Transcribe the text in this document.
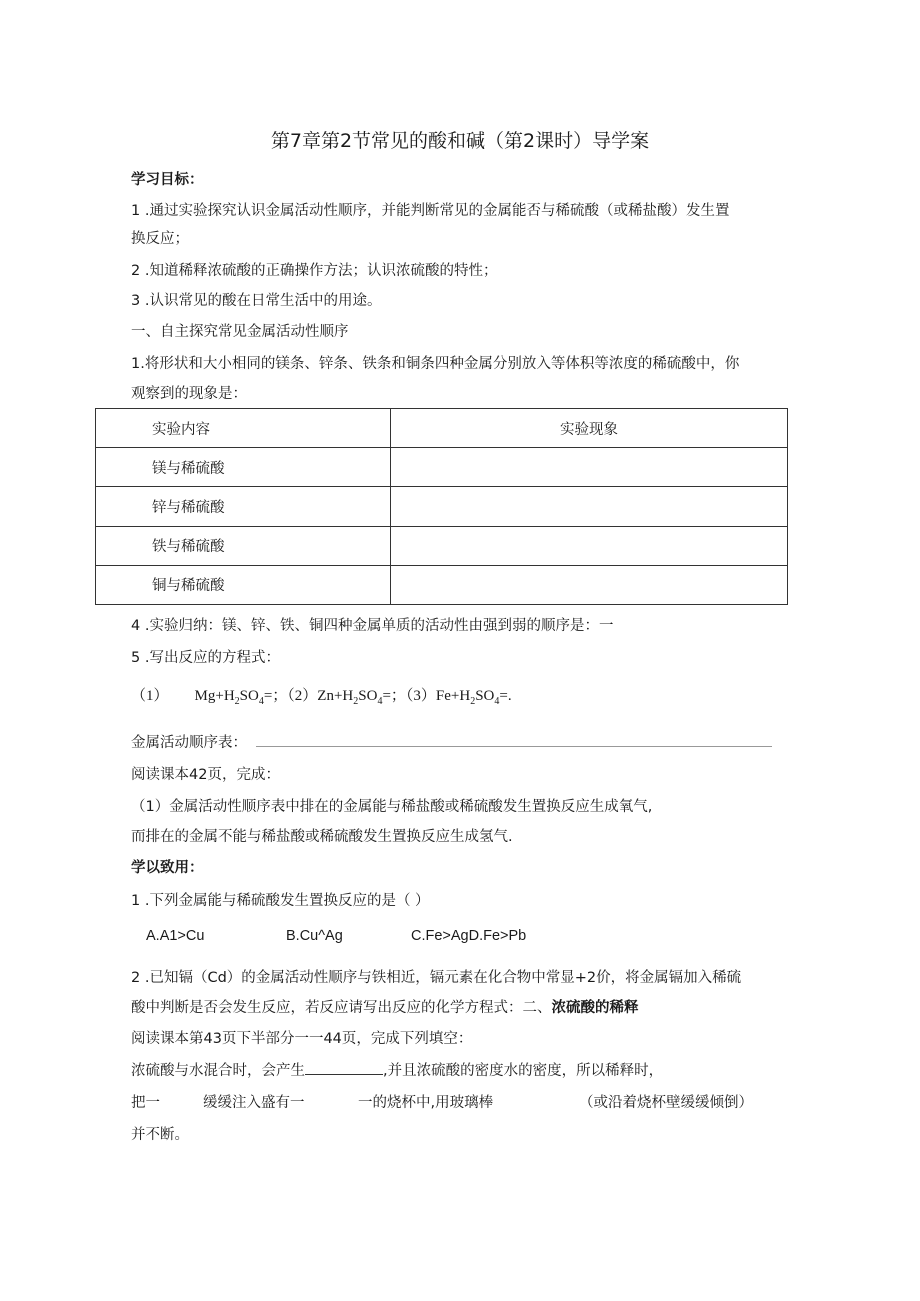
第7章第2节常见的酸和碱（第2课时）导学案
学习目标：
1 .通过实验探究认识金属活动性顺序，并能判断常见的金属能否与稀硫酸（或稀盐酸）发生置
换反应；
2 .知道稀释浓硫酸的正确操作方法；认识浓硫酸的特性；
3 .认识常见的酸在日常生活中的用途。
一、自主探究常见金属活动性顺序
1.将形状和大小相同的镁条、锌条、铁条和铜条四种金属分别放入等体积等浓度的稀硫酸中，你
观察到的现象是：
实验内容	实验现象
镁与稀硫酸	
锌与稀硫酸	
铁与稀硫酸	
铜与稀硫酸	
4 .实验归纳：镁、锌、铁、铜四种金属单质的活动性由强到弱的顺序是：一
5 .写出反应的方程式：
（1） $Mg+H_2SO_4=$；$(2)Zn+H_2SO_4=$；$(3)Fe+H_2SO_4=$.
金属活动顺序表：
阅读课本42页，完成：
（1）金属活动性顺序表中排在的金属能与稀盐酸或稀硫酸发生置换反应生成氧气,
而排在的金属不能与稀盐酸或稀硫酸发生置换反应生成氢气.
学以致用：
1 .下列金属能与稀硫酸发生置换反应的是（ ）
A.A1>Cu	B.Cu^Ag	C.Fe>AgD.Fe>Pb
2 .已知镉（Cd）的金属活动性顺序与铁相近，镉元素在化合物中常显+2价，将金属镉加入稀硫
酸中判断是否会发生反应，若反应请写出反应的化学方程式：二、浓硫酸的稀释
阅读课本第43页下半部分一一44页，完成下列填空：
浓硫酸与水混合时，会产生	,并且浓硫酸的密度水的密度，所以稀释时，
把一	缓缓注入盛有一	一的烧杯中,用玻璃棒	（或沿着烧杯壁缓缓倾倒）
并不断。
